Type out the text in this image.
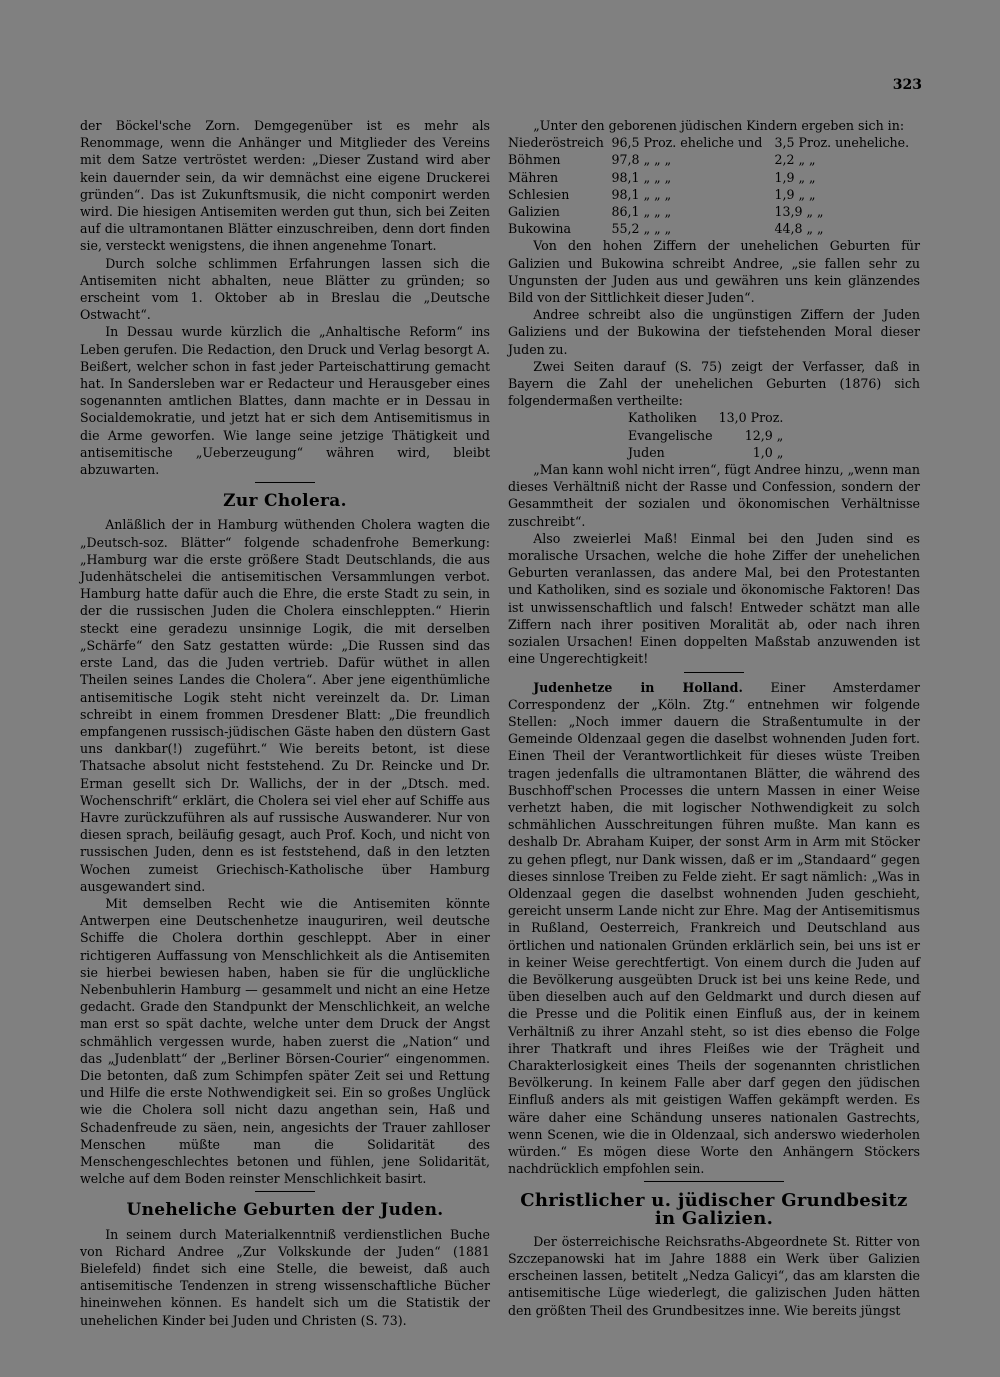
323

der Böckel'sche Zorn. Demgegenüber ist es mehr als Renommage, wenn die Anhänger und Mitglieder des Vereins mit dem Satze vertröstet werden: „Dieser Zustand wird aber kein dauernder sein, da wir demnächst eine eigene Druckerei gründen“. Das ist Zukunftsmusik, die nicht componirt werden wird. Die hiesigen Antisemiten werden gut thun, sich bei Zeiten auf die ultramontanen Blätter einzuschreiben, denn dort finden sie, versteckt wenigstens, die ihnen angenehme Tonart.

Durch solche schlimmen Erfahrungen lassen sich die Antisemiten nicht abhalten, neue Blätter zu gründen; so erscheint vom 1. Oktober ab in Breslau die „Deutsche Ostwacht“.

In Dessau wurde kürzlich die „Anhaltische Reform“ ins Leben gerufen. Die Redaction, den Druck und Verlag besorgt A. Beißert, welcher schon in fast jeder Parteischattirung gemacht hat. In Sandersleben war er Redacteur und Herausgeber eines sogenannten amtlichen Blattes, dann machte er in Dessau in Socialdemokratie, und jetzt hat er sich dem Antisemitismus in die Arme geworfen. Wie lange seine jetzige Thätigkeit und antisemitische „Ueberzeugung“ währen wird, bleibt abzuwarten.

Zur Cholera.

Anläßlich der in Hamburg wüthenden Cholera wagten die „Deutsch-soz. Blätter“ folgende schadenfrohe Bemerkung: „Hamburg war die erste größere Stadt Deutschlands, die aus Judenhätschelei die antisemitischen Versammlungen verbot. Hamburg hatte dafür auch die Ehre, die erste Stadt zu sein, in der die russischen Juden die Cholera einschleppten.“ Hierin steckt eine geradezu unsinnige Logik, die mit derselben „Schärfe“ den Satz gestatten würde: „Die Russen sind das erste Land, das die Juden vertrieb. Dafür wüthet in allen Theilen seines Landes die Cholera“. Aber jene eigenthümliche antisemitische Logik steht nicht vereinzelt da. Dr. Liman schreibt in einem frommen Dresdener Blatt: „Die freundlich empfangenen russisch-jüdischen Gäste haben den düstern Gast uns dankbar(!) zugeführt.“ Wie bereits betont, ist diese Thatsache absolut nicht feststehend. Zu Dr. Reincke und Dr. Erman gesellt sich Dr. Wallichs, der in der „Dtsch. med. Wochenschrift“ erklärt, die Cholera sei viel eher auf Schiffe aus Havre zurückzuführen als auf russische Auswanderer. Nur von diesen sprach, beiläufig gesagt, auch Prof. Koch, und nicht von russischen Juden, denn es ist feststehend, daß in den letzten Wochen zumeist Griechisch-Katholische über Hamburg ausgewandert sind.

Mit demselben Recht wie die Antisemiten könnte Antwerpen eine Deutschenhetze inauguriren, weil deutsche Schiffe die Cholera dorthin geschleppt. Aber in einer richtigeren Auffassung von Menschlichkeit als die Antisemiten sie hierbei bewiesen haben, haben sie für die unglückliche Nebenbuhlerin Hamburg — gesammelt und nicht an eine Hetze gedacht. Grade den Standpunkt der Menschlichkeit, an welche man erst so spät dachte, welche unter dem Druck der Angst schmählich vergessen wurde, haben zuerst die „Nation“ und das „Judenblatt“ der „Berliner Börsen-Courier“ eingenommen. Die betonten, daß zum Schimpfen später Zeit sei und Rettung und Hilfe die erste Nothwendigkeit sei. Ein so großes Unglück wie die Cholera soll nicht dazu angethan sein, Haß und Schadenfreude zu säen, nein, angesichts der Trauer zahlloser Menschen müßte man die Solidarität des Menschengeschlechtes betonen und fühlen, jene Solidarität, welche auf dem Boden reinster Menschlichkeit basirt.

Uneheliche Geburten der Juden.

In seinem durch Materialkenntniß verdienstlichen Buche von Richard Andree „Zur Volkskunde der Juden“ (1881 Bielefeld) findet sich eine Stelle, die beweist, daß auch antisemitische Tendenzen in streng wissenschaftliche Bücher hineinwehen können. Es handelt sich um die Statistik der unehelichen Kinder bei Juden und Christen (S. 73).

„Unter den geborenen jüdischen Kindern ergeben sich in:

Niederöstreich	96,5 Proz. eheliche und	3,5 Proz. uneheliche.
Böhmen	97,8 „ „ „	2,2 „ „
Mähren	98,1 „ „ „	1,9 „ „
Schlesien	98,1 „ „ „	1,9 „ „
Galizien	86,1 „ „ „	13,9 „ „
Bukowina	55,2 „ „ „	44,8 „ „

Von den hohen Ziffern der unehelichen Geburten für Galizien und Bukowina schreibt Andree, „sie fallen sehr zu Ungunsten der Juden aus und gewähren uns kein glänzendes Bild von der Sittlichkeit dieser Juden“.

Andree schreibt also die ungünstigen Ziffern der Juden Galiziens und der Bukowina der tiefstehenden Moral dieser Juden zu.

Zwei Seiten darauf (S. 75) zeigt der Verfasser, daß in Bayern die Zahl der unehelichen Geburten (1876) sich folgendermaßen vertheilte:

Katholiken	13,0 Proz.
Evangelische	12,9 „
Juden	1,0 „

„Man kann wohl nicht irren“, fügt Andree hinzu, „wenn man dieses Verhältniß nicht der Rasse und Confession, sondern der Gesammtheit der sozialen und ökonomischen Verhältnisse zuschreibt“.

Also zweierlei Maß! Einmal bei den Juden sind es moralische Ursachen, welche die hohe Ziffer der unehelichen Geburten veranlassen, das andere Mal, bei den Protestanten und Katholiken, sind es soziale und ökonomische Faktoren! Das ist unwissenschaftlich und falsch! Entweder schätzt man alle Ziffern nach ihrer positiven Moralität ab, oder nach ihren sozialen Ursachen! Einen doppelten Maßstab anzuwenden ist eine Ungerechtigkeit!

Judenhetze in Holland. Einer Amsterdamer Correspondenz der „Köln. Ztg.“ entnehmen wir folgende Stellen: „Noch immer dauern die Straßentumulte in der Gemeinde Oldenzaal gegen die daselbst wohnenden Juden fort. Einen Theil der Verantwortlichkeit für dieses wüste Treiben tragen jedenfalls die ultramontanen Blätter, die während des Buschhoff'schen Processes die untern Massen in einer Weise verhetzt haben, die mit logischer Nothwendigkeit zu solch schmählichen Ausschreitungen führen mußte. Man kann es deshalb Dr. Abraham Kuiper, der sonst Arm in Arm mit Stöcker zu gehen pflegt, nur Dank wissen, daß er im „Standaard“ gegen dieses sinnlose Treiben zu Felde zieht. Er sagt nämlich: „Was in Oldenzaal gegen die daselbst wohnenden Juden geschieht, gereicht unserm Lande nicht zur Ehre. Mag der Antisemitismus in Rußland, Oesterreich, Frankreich und Deutschland aus örtlichen und nationalen Gründen erklärlich sein, bei uns ist er in keiner Weise gerechtfertigt. Von einem durch die Juden auf die Bevölkerung ausgeübten Druck ist bei uns keine Rede, und üben dieselben auch auf den Geldmarkt und durch diesen auf die Presse und die Politik einen Einfluß aus, der in keinem Verhältniß zu ihrer Anzahl steht, so ist dies ebenso die Folge ihrer Thatkraft und ihres Fleißes wie der Trägheit und Charakterlosigkeit eines Theils der sogenannten christlichen Bevölkerung. In keinem Falle aber darf gegen den jüdischen Einfluß anders als mit geistigen Waffen gekämpft werden. Es wäre daher eine Schändung unseres nationalen Gastrechts, wenn Scenen, wie die in Oldenzaal, sich anderswo wiederholen würden.“ Es mögen diese Worte den Anhängern Stöckers nachdrücklich empfohlen sein.

Christlicher u. jüdischer Grundbesitz in Galizien.

Der österreichische Reichsraths-Abgeordnete St. Ritter von Szczepanowski hat im Jahre 1888 ein Werk über Galizien erscheinen lassen, betitelt „Nedza Galicyi“, das am klarsten die antisemitische Lüge wiederlegt, die galizischen Juden hätten den größten Theil des Grundbesitzes inne. Wie bereits jüngst
